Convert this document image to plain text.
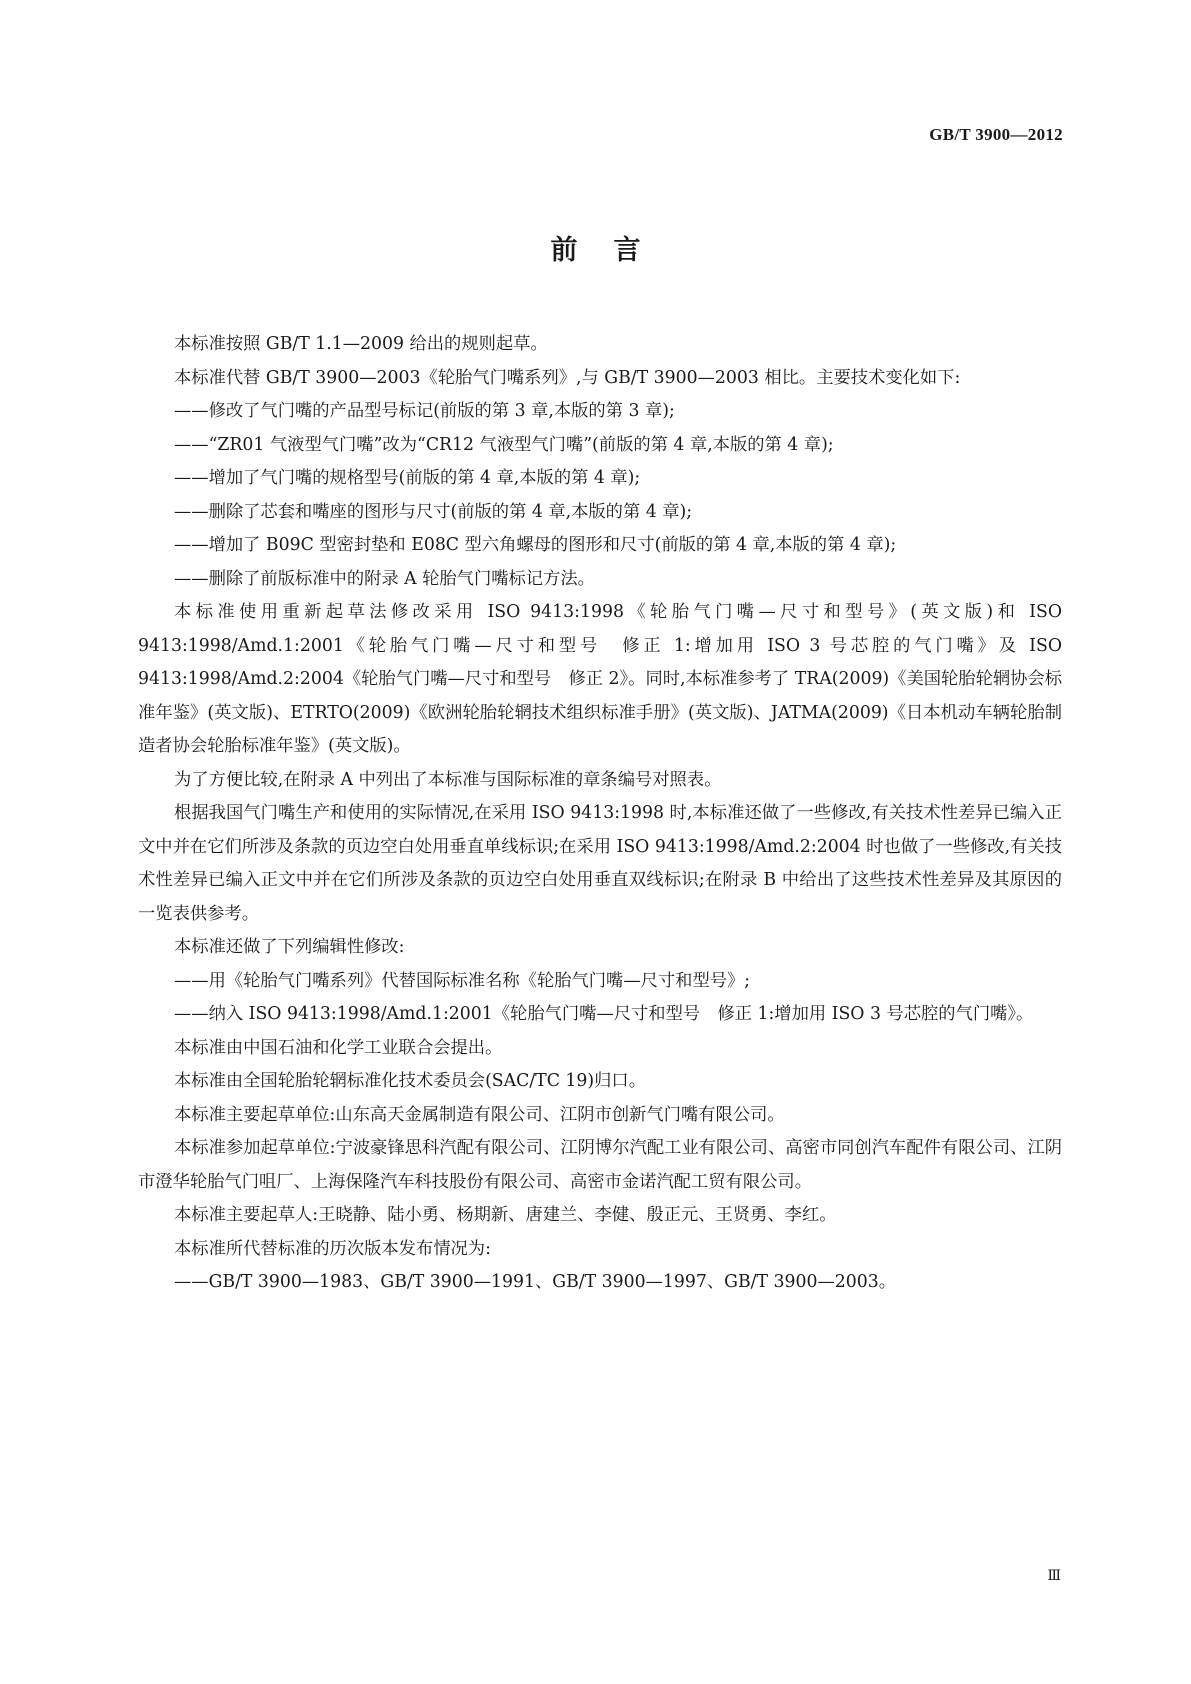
GB/T 3900—2012
前言

本标准按照 GB/T 1.1—2009 给出的规则起草。

本标准代替 GB/T 3900—2003《轮胎气门嘴系列》,与 GB/T 3900—2003 相比。主要技术变化如下:

——修改了气门嘴的产品型号标记(前版的第 3 章,本版的第 3 章);

——“ZR01 气液型气门嘴”改为“CR12 气液型气门嘴”(前版的第 4 章,本版的第 4 章);

——增加了气门嘴的规格型号(前版的第 4 章,本版的第 4 章);

——删除了芯套和嘴座的图形与尺寸(前版的第 4 章,本版的第 4 章);

——增加了 B09C 型密封垫和 E08C 型六角螺母的图形和尺寸(前版的第 4 章,本版的第 4 章);

——删除了前版标准中的附录 A 轮胎气门嘴标记方法。

本标准使用重新起草法修改采用 ISO 9413:1998《轮胎气门嘴—尺寸和型号》(英文版)和 ISO 9413:1998/Amd.1:2001《轮胎气门嘴—尺寸和型号　修正 1:增加用 ISO 3 号芯腔的气门嘴》及 ISO 9413:1998/Amd.2:2004《轮胎气门嘴—尺寸和型号　修正 2》。同时,本标准参考了 TRA(2009)《美国轮胎轮辋协会标准年鉴》(英文版)、ETRTO(2009)《欧洲轮胎轮辋技术组织标准手册》(英文版)、JATMA(2009)《日本机动车辆轮胎制造者协会轮胎标准年鉴》(英文版)。

为了方便比较,在附录 A 中列出了本标准与国际标准的章条编号对照表。

根据我国气门嘴生产和使用的实际情况,在采用 ISO 9413:1998 时,本标准还做了一些修改,有关技术性差异已编入正文中并在它们所涉及条款的页边空白处用垂直单线标识;在采用 ISO 9413:1998/Amd.2:2004 时也做了一些修改,有关技术性差异已编入正文中并在它们所涉及条款的页边空白处用垂直双线标识;在附录 B 中给出了这些技术性差异及其原因的一览表供参考。

本标准还做了下列编辑性修改:

——用《轮胎气门嘴系列》代替国际标准名称《轮胎气门嘴—尺寸和型号》;

——纳入 ISO 9413:1998/Amd.1:2001《轮胎气门嘴—尺寸和型号　修正 1:增加用 ISO 3 号芯腔的气门嘴》。

本标准由中国石油和化学工业联合会提出。

本标准由全国轮胎轮辋标准化技术委员会(SAC/TC 19)归口。

本标准主要起草单位:山东高天金属制造有限公司、江阴市创新气门嘴有限公司。

本标准参加起草单位:宁波豪锋思科汽配有限公司、江阴博尔汽配工业有限公司、高密市同创汽车配件有限公司、江阴市澄华轮胎气门咀厂、上海保隆汽车科技股份有限公司、高密市金诺汽配工贸有限公司。

本标准主要起草人:王晓静、陆小勇、杨期新、唐建兰、李健、殷正元、王贤勇、李红。

本标准所代替标准的历次版本发布情况为:

——GB/T 3900—1983、GB/T 3900—1991、GB/T 3900—1997、GB/T 3900—2003。

Ⅲ
